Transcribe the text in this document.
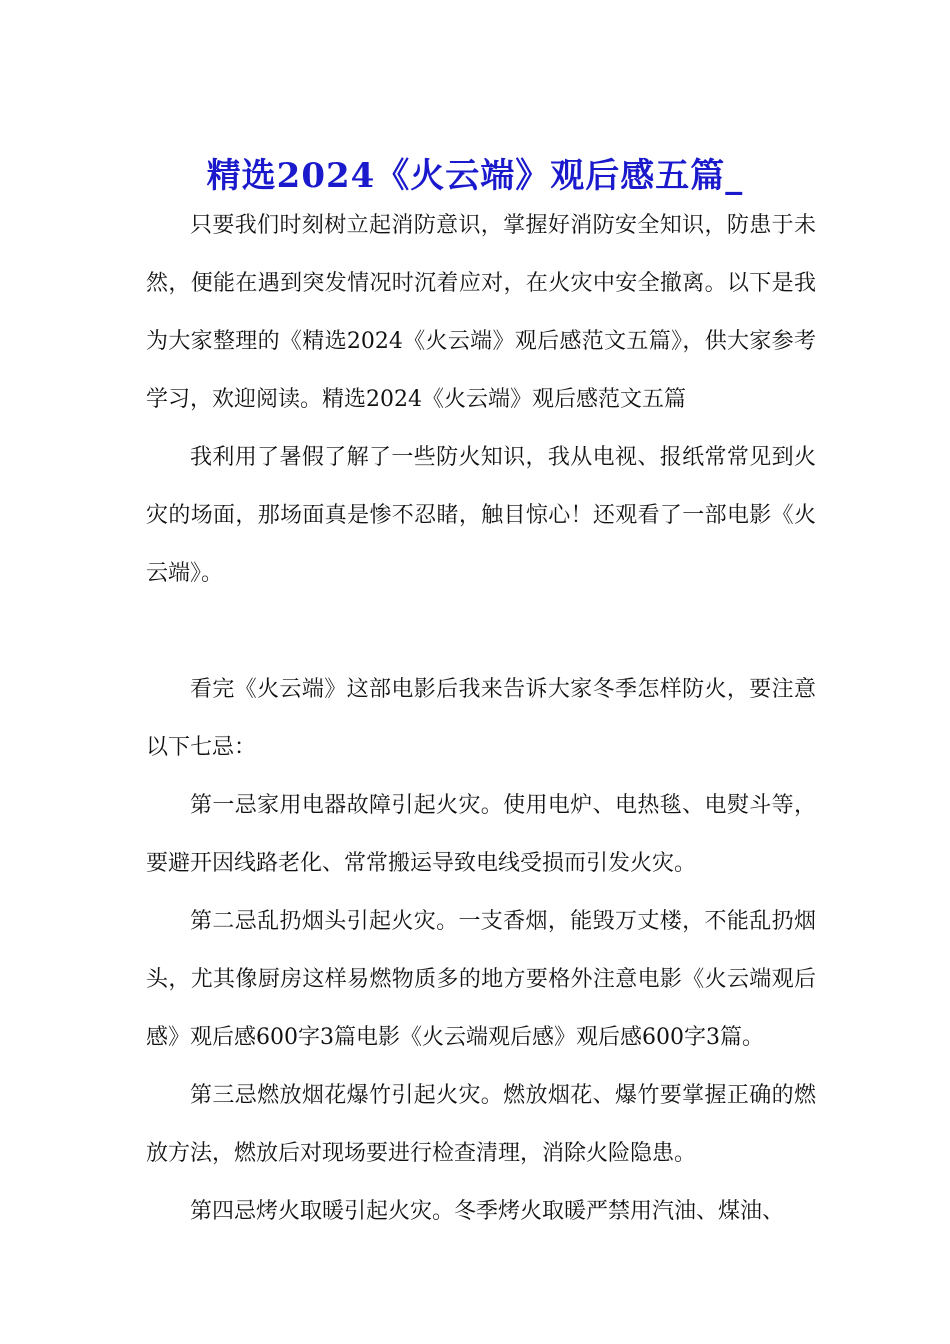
精选2024《火云端》观后感五篇_

只要我们时刻树立起消防意识，掌握好消防安全知识，防患于未然，便能在遇到突发情况时沉着应对，在火灾中安全撤离。以下是我为大家整理的《精选2024《火云端》观后感范文五篇》，供大家参考学习，欢迎阅读。精选2024《火云端》观后感范文五篇

我利用了暑假了解了一些防火知识，我从电视、报纸常常见到火灾的场面，那场面真是惨不忍睹，触目惊心！还观看了一部电影《火云端》。

看完《火云端》这部电影后我来告诉大家冬季怎样防火，要注意以下七忌：

第一忌家用电器故障引起火灾。使用电炉、电热毯、电熨斗等，要避开因线路老化、常常搬运导致电线受损而引发火灾。

第二忌乱扔烟头引起火灾。一支香烟，能毁万丈楼，不能乱扔烟头，尤其像厨房这样易燃物质多的地方要格外注意电影《火云端观后感》观后感600字3篇电影《火云端观后感》观后感600字3篇。

第三忌燃放烟花爆竹引起火灾。燃放烟花、爆竹要掌握正确的燃放方法，燃放后对现场要进行检查清理，消除火险隐患。

第四忌烤火取暖引起火灾。冬季烤火取暖严禁用汽油、煤油、
